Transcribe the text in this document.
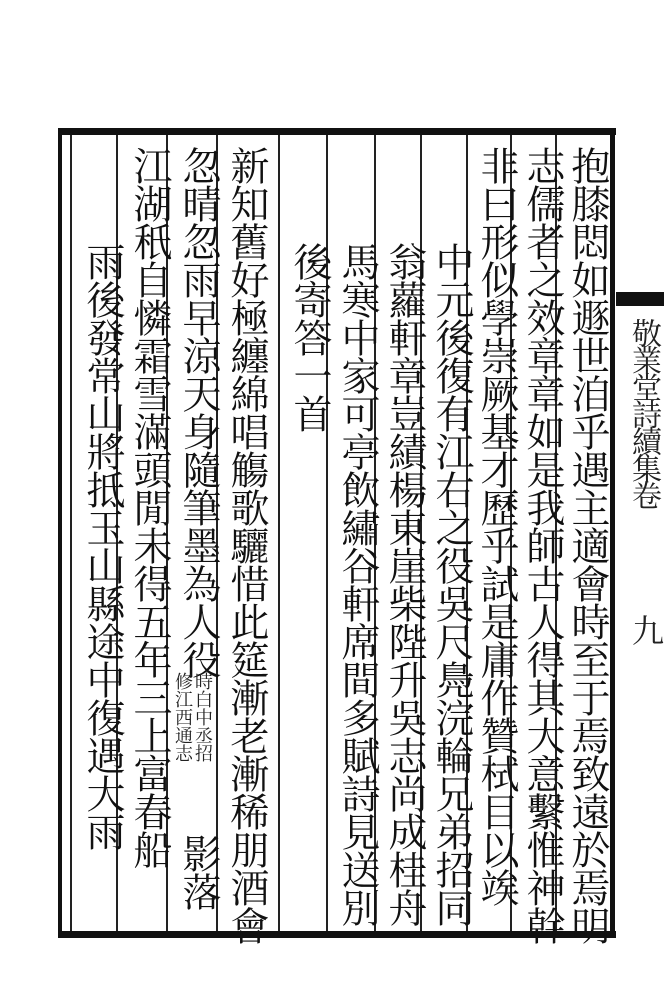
抱膝悶如遯世洎乎遇主適會時至于焉致遠於焉明
志儒者之效章章如是我師古人得其大意繫惟神幹
非曰形似學崇厥基才歷乎試是庸作贊栻目以竢
中元後復有江右之役吳尺鳧浣輪兄弟招同
翁蘿軒章豈績楊東崖柴陛升吳志尚成桂舟
馬寒中家可亭飲繡谷軒席間多賦詩見送別
後寄答一首
新知舊好極纏綿唱觴歌驪惜此筵漸老漸稀朋酒會
忽晴忽雨早涼天身隨筆墨為人役
時白中丞招
修江西通志
影落
江湖秖自憐霜雪滿頭閒未得五年三上富春船
雨後發常山將抵玉山縣途中復遇大雨	敬業堂詩續集卷
九
